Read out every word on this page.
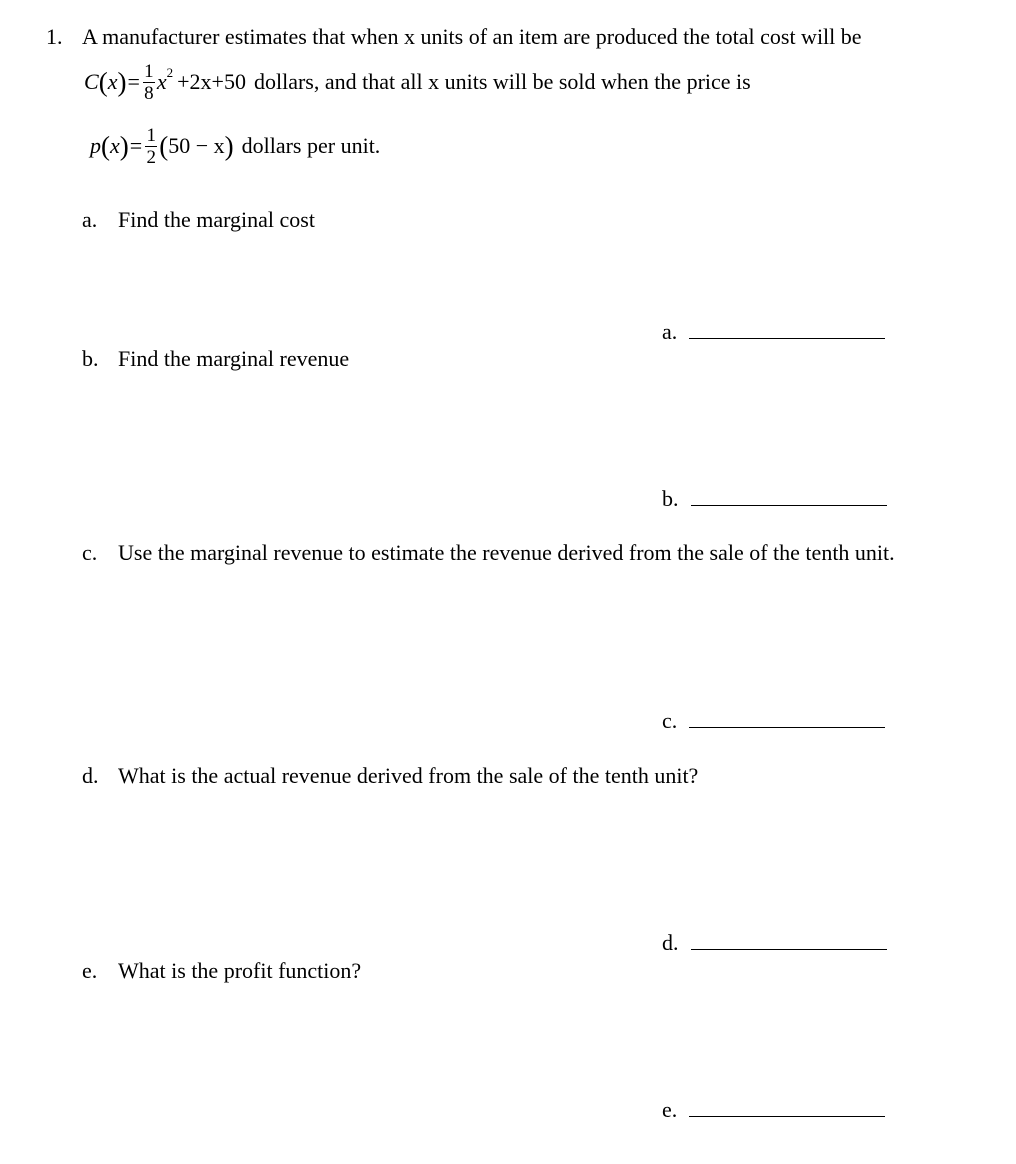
1. A manufacturer estimates that when x units of an item are produced the total cost will be
C ( x ) = $\frac{1}{8}$ x 2 +2x+50 dollars, and that all x units will be sold when the price is
p ( x ) = $\frac{1}{2}$ ( 50 − x ) dollars per unit.
a. Find the marginal cost
a.
b. Find the marginal revenue
b.
c. Use the marginal revenue to estimate the revenue derived from the sale of the tenth unit.
c.
d. What is the actual revenue derived from the sale of the tenth unit?
d.
e. What is the profit function?
e.
